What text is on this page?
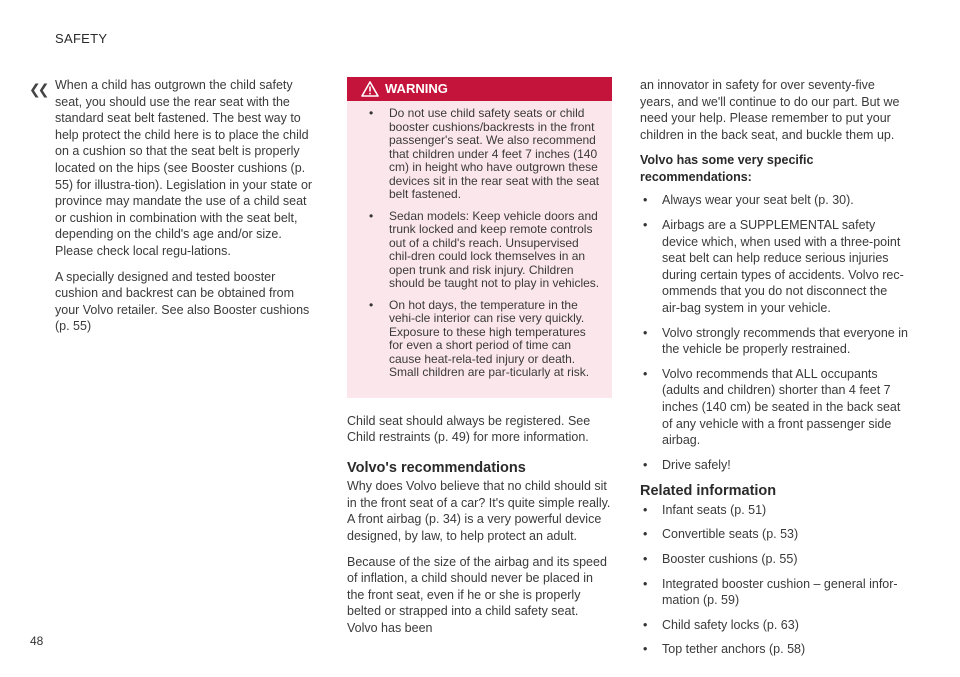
SAFETY
❮❮ When a child has outgrown the child safety seat, you should use the rear seat with the standard seat belt fastened. The best way to help protect the child here is to place the child on a cushion so that the seat belt is properly located on the hips (see Booster cushions (p. 55) for illustra-tion). Legislation in your state or province may mandate the use of a child seat or cushion in combination with the seat belt, depending on the child's age and/or size. Please check local regu-lations.

A specially designed and tested booster cushion and backrest can be obtained from your Volvo retailer. See also Booster cushions (p. 55)

WARNING
• Do not use child safety seats or child booster cushions/backrests in the front passenger's seat. We also recommend that children under 4 feet 7 inches (140 cm) in height who have outgrown these devices sit in the rear seat with the seat belt fastened.
• Sedan models: Keep vehicle doors and trunk locked and keep remote controls out of a child's reach. Unsupervised chil-dren could lock themselves in an open trunk and risk injury. Children should be taught not to play in vehicles.
• On hot days, the temperature in the vehi-cle interior can rise very quickly. Exposure to these high temperatures for even a short period of time can cause heat-rela-ted injury or death. Small children are par-ticularly at risk.

Child seat should always be registered. See Child restraints (p. 49) for more information.

Volvo's recommendations

Why does Volvo believe that no child should sit in the front seat of a car? It's quite simple really. A front airbag (p. 34) is a very powerful device designed, by law, to help protect an adult.

Because of the size of the airbag and its speed of inflation, a child should never be placed in the front seat, even if he or she is properly belted or strapped into a child safety seat. Volvo has been

an innovator in safety for over seventy-five years, and we'll continue to do our part. But we need your help. Please remember to put your children in the back seat, and buckle them up.

Volvo has some very specific recommendations:
• Always wear your seat belt (p. 30).
• Airbags are a SUPPLEMENTAL safety device which, when used with a three-point seat belt can help reduce serious injuries during certain types of accidents. Volvo rec-ommends that you do not disconnect the air-bag system in your vehicle.
• Volvo strongly recommends that everyone in the vehicle be properly restrained.
• Volvo recommends that ALL occupants (adults and children) shorter than 4 feet 7 inches (140 cm) be seated in the back seat of any vehicle with a front passenger side airbag.
• Drive safely!
Related information
• Infant seats (p. 51)
• Convertible seats (p. 53)
• Booster cushions (p. 55)
• Integrated booster cushion – general infor-mation (p. 59)
• Child safety locks (p. 63)
• Top tether anchors (p. 58)
48
